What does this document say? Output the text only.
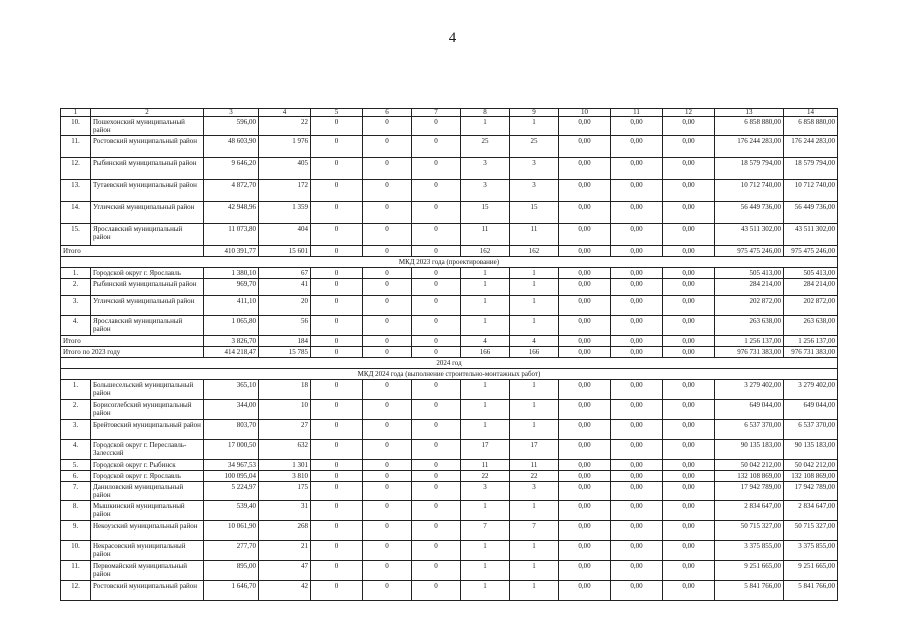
4
1	2	3	4	5	6	7	8	9	10	11	12	13	14
10.	Пошехонский муниципальный район	596,00	22	0	0	0	1	1	0,00	0,00	0,00	6 858 880,00	6 858 880,00
11.	Ростовский муниципальный район	48 603,90	1 976	0	0	0	25	25	0,00	0,00	0,00	176 244 283,00	176 244 283,00
12.	Рыбинский муниципальный район	9 646,20	405	0	0	0	3	3	0,00	0,00	0,00	18 579 794,00	18 579 794,00
13.	Тутаевский муниципальный район	4 872,70	172	0	0	0	3	3	0,00	0,00	0,00	10 712 740,00	10 712 740,00
14.	Угличский муниципальный район	42 948,96	1 359	0	0	0	15	15	0,00	0,00	0,00	56 449 736,00	56 449 736,00
15.	Ярославский муниципальный район	11 073,80	404	0	0	0	11	11	0,00	0,00	0,00	43 511 302,00	43 511 302,00
Итого		410 391,77	15 601	0	0	0	162	162	0,00	0,00	0,00	975 475 246,00	975 475 246,00
МКД 2023 года (проектирование)													
1.	Городской округ г. Ярославль	1 380,10	67	0	0	0	1	1	0,00	0,00	0,00	505 413,00	505 413,00
2.	Рыбинский муниципальный район	969,70	41	0	0	0	1	1	0,00	0,00	0,00	284 214,00	284 214,00
3.	Угличский муниципальный район	411,10	20	0	0	0	1	1	0,00	0,00	0,00	202 872,00	202 872,00
4.	Ярославский муниципальный район	1 065,80	56	0	0	0	1	1	0,00	0,00	0,00	263 638,00	263 638,00
Итого		3 826,70	184	0	0	0	4	4	0,00	0,00	0,00	1 256 137,00	1 256 137,00
Итого по 2023 году		414 218,47	15 785	0	0	0	166	166	0,00	0,00	0,00	976 731 383,00	976 731 383,00
2024 год													
МКД 2024 года (выполнение строительно-монтажных работ)													
1.	Большесельский муниципальный район	365,10	18	0	0	0	1	1	0,00	0,00	0,00	3 279 402,00	3 279 402,00
2.	Борисоглебский муниципальный район	344,00	10	0	0	0	1	1	0,00	0,00	0,00	649 044,00	649 044,00
3.	Брейтовский муниципальный район	803,70	27	0	0	0	1	1	0,00	0,00	0,00	6 537 370,00	6 537 370,00
4.	Городской округ г. Переславль-Залесский	17 000,50	632	0	0	0	17	17	0,00	0,00	0,00	90 135 183,00	90 135 183,00
5.	Городской округ г. Рыбинск	34 967,53	1 301	0	0	0	11	11	0,00	0,00	0,00	50 042 212,00	50 042 212,00
6.	Городской округ г. Ярославль	100 095,04	3 810	0	0	0	22	22	0,00	0,00	0,00	132 108 869,00	132 108 869,00
7.	Даниловский муниципальный район	5 224,97	175	0	0	0	3	3	0,00	0,00	0,00	17 942 789,00	17 942 789,00
8.	Мышкинский муниципальный район	539,40	31	0	0	0	1	1	0,00	0,00	0,00	2 834 647,00	2 834 647,00
9.	Некоузский муниципальный район	10 061,90	268	0	0	0	7	7	0,00	0,00	0,00	50 715 327,00	50 715 327,00
10.	Некрасовский муниципальный район	277,70	21	0	0	0	1	1	0,00	0,00	0,00	3 375 855,00	3 375 855,00
11.	Первомайский муниципальный район	895,00	47	0	0	0	1	1	0,00	0,00	0,00	9 251 665,00	9 251 665,00
12.	Ростовский муниципальный район	1 646,70	42	0	0	0	1	1	0,00	0,00	0,00	5 841 766,00	5 841 766,00
